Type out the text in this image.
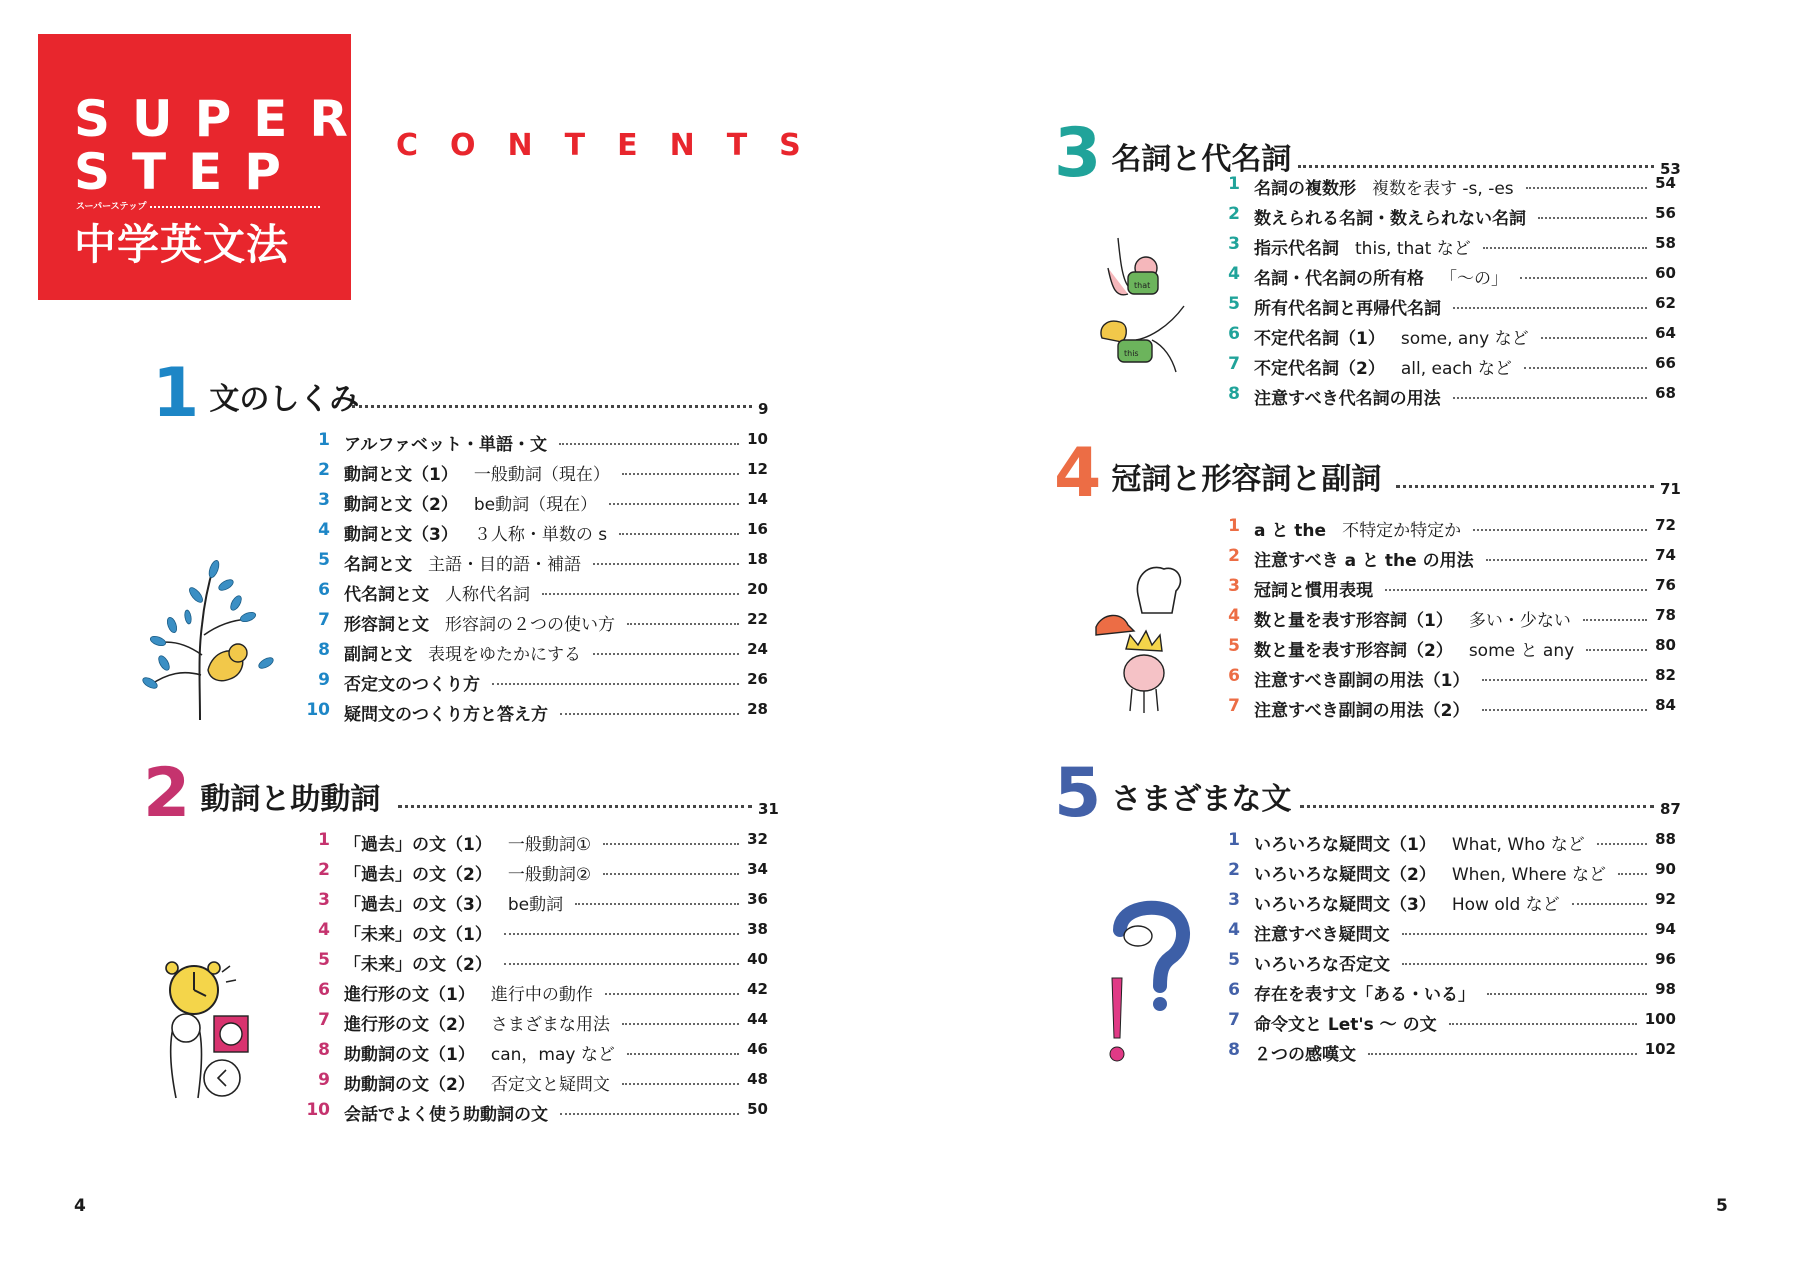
SUPER
STEP
スーパーステップ
中学英文法
CONTENTS
1 文のしくみ	9
1 アルファベット・単語・文	10
2 動詞と文（1） 一般動詞（現在）	12
3 動詞と文（2） be動詞（現在）	14
4 動詞と文（3） ３人称・単数の s	16
5 名詞と文 主語・目的語・補語	18
6 代名詞と文 人称代名詞	20
7 形容詞と文 形容詞の２つの使い方	22
8 副詞と文 表現をゆたかにする	24
9 否定文のつくり方	26
10 疑問文のつくり方と答え方	28
2 動詞と助動詞	31
1 「過去」の文（1） 一般動詞①	32
2 「過去」の文（2） 一般動詞②	34
3 「過去」の文（3） be動詞	36
4 「未来」の文（1）	38
5 「未来」の文（2）	40
6 進行形の文（1） 進行中の動作	42
7 進行形の文（2） さまざまな用法	44
8 助動詞の文（1） can，may など	46
9 助動詞の文（2） 否定文と疑問文	48
10 会話でよく使う助動詞の文	50
3 名詞と代名詞	53
1 名詞の複数形 複数を表す -s, -es	54
2 数えられる名詞・数えられない名詞	56
3 指示代名詞 this, that など	58
4 名詞・代名詞の所有格 「～の」	60
5 所有代名詞と再帰代名詞	62
6 不定代名詞（1） some, any など	64
7 不定代名詞（2） all, each など	66
8 注意すべき代名詞の用法	68
4 冠詞と形容詞と副詞	71
1 a と the 不特定か特定か	72
2 注意すべき a と the の用法	74
3 冠詞と慣用表現	76
4 数と量を表す形容詞（1） 多い・少ない	78
5 数と量を表す形容詞（2） some と any	80
6 注意すべき副詞の用法（1）	82
7 注意すべき副詞の用法（2）	84
5 さまざまな文	87
1 いろいろな疑問文（1） What, Who など	88
2 いろいろな疑問文（2） When, Where など	90
3 いろいろな疑問文（3） How old など	92
4 注意すべき疑問文	94
5 いろいろな否定文	96
6 存在を表す文「ある・いる」	98
7 命令文と Let's ～ の文	100
8 ２つの感嘆文	102
that
this
4	5
